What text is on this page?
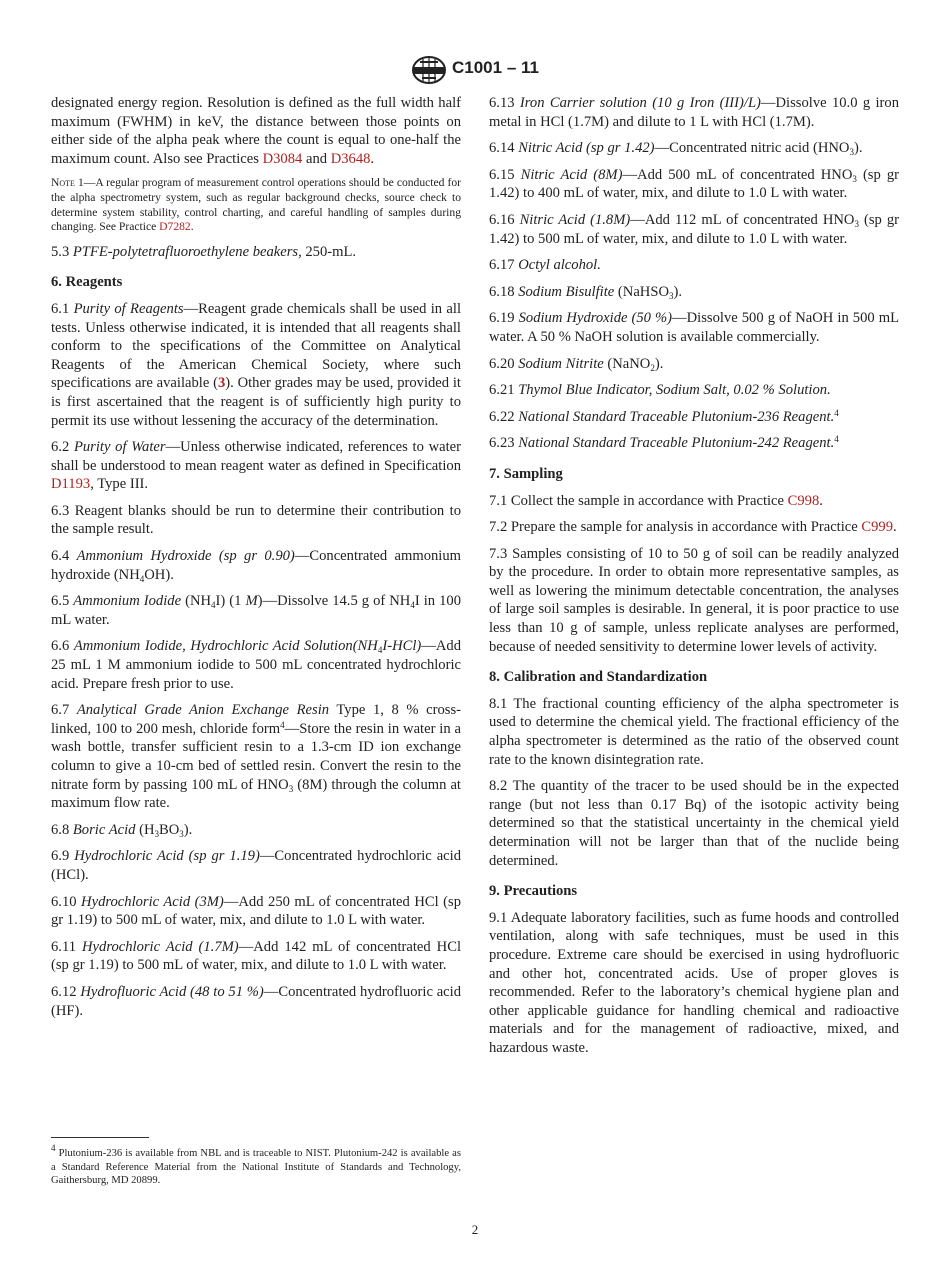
C1001 – 11

designated energy region. Resolution is defined as the full width half maximum (FWHM) in keV, the distance between those points on either side of the alpha peak where the count is equal to one-half the maximum count. Also see Practices D3084 and D3648.

Note 1—A regular program of measurement control operations should be conducted for the alpha spectrometry system, such as regular background checks, source check to determine system stability, control charting, and careful handling of samples during changing. See Practice D7282.

5.3 PTFE-polytetrafluoroethylene beakers, 250-mL.

6. Reagents

6.1 Purity of Reagents—Reagent grade chemicals shall be used in all tests. Unless otherwise indicated, it is intended that all reagents shall conform to the specifications of the Committee on Analytical Reagents of the American Chemical Society, where such specifications are available (3). Other grades may be used, provided it is first ascertained that the reagent is of sufficiently high purity to permit its use without lessening the accuracy of the determination.

6.2 Purity of Water—Unless otherwise indicated, references to water shall be understood to mean reagent water as defined in Specification D1193, Type III.

6.3 Reagent blanks should be run to determine their contribution to the sample result.

6.4 Ammonium Hydroxide (sp gr 0.90)—Concentrated ammonium hydroxide $(NH_4OH)$.

6.5 Ammonium Iodide $(NH_4I)$ (1 M)—Dissolve 14.5 g of $NH_4I$ in 100 mL water.

6.6 Ammonium Iodide, Hydrochloric Acid $Solution(NH_4I-HCl)—Add$ 25 mL 1 M ammonium iodide to 500 mL concentrated hydrochloric acid. Prepare fresh prior to use.

6.7 Analytical Grade Anion Exchange Resin Type 1, 8 % cross-linked, 100 to 200 mesh, chloride form$^4$—Store the resin in water in a wash bottle, transfer sufficient resin to a 1.3-cm ID ion exchange column to give a 10-cm bed of settled resin. Convert the resin to the nitrate form by passing 100 mL of $HNO_3$ (8M) through the column at maximum flow rate.

6.8 Boric Acid $(H_3BO_3)$.

6.9 Hydrochloric Acid (sp gr 1.19)—Concentrated hydrochloric acid (HCl).

6.10 Hydrochloric Acid (3M)—Add 250 mL of concentrated HCl (sp gr 1.19) to 500 mL of water, mix, and dilute to 1.0 L with water.

6.11 Hydrochloric Acid (1.7M)—Add 142 mL of concentrated HCl (sp gr 1.19) to 500 mL of water, mix, and dilute to 1.0 L with water.

6.12 Hydrofluoric Acid (48 to 51 %)—Concentrated hydrofluoric acid (HF).

6.13 Iron Carrier solution (10 g Iron (III)/L)—Dissolve 10.0 g iron metal in HCl (1.7M) and dilute to 1 L with HCl (1.7M).

6.14 Nitric Acid (sp gr 1.42)—Concentrated nitric acid $(HNO_3)$.

6.15 Nitric Acid (8M)—Add 500 mL of concentrated $HNO_3$ (sp gr 1.42) to 400 mL of water, mix, and dilute to 1.0 L with water.

6.16 Nitric Acid (1.8M)—Add 112 mL of concentrated $HNO_3$ (sp gr 1.42) to 500 mL of water, mix, and dilute to 1.0 L with water.

6.17 Octyl alcohol.

6.18 Sodium Bisulfite (NaHSO$_3$).

6.19 Sodium Hydroxide (50 %)—Dissolve 500 g of NaOH in 500 mL water. A 50 % NaOH solution is available commercially.

6.20 Sodium Nitrite (NaNO$_2$).

6.21 Thymol Blue Indicator, Sodium Salt, 0.02 % Solution.

6.22 National Standard Traceable Plutonium-236 Reagent.$^4$

6.23 National Standard Traceable Plutonium-242 Reagent.$^4$

7. Sampling

7.1 Collect the sample in accordance with Practice C998.

7.2 Prepare the sample for analysis in accordance with Practice C999.

7.3 Samples consisting of 10 to 50 g of soil can be readily analyzed by the procedure. In order to obtain more representative samples, as well as lowering the minimum detectable concentration, the analyses of large soil samples is desirable. In general, it is poor practice to use less than 10 g of sample, unless replicate analyses are performed, because of needed sensitivity to determine lower levels of activity.

8. Calibration and Standardization

8.1 The fractional counting efficiency of the alpha spectrometer is used to determine the chemical yield. The fractional efficiency of the alpha spectrometer is determined as the ratio of the observed count rate to the known disintegration rate.

8.2 The quantity of the tracer to be used should be in the expected range (but not less than 0.17 Bq) of the isotopic activity being determined so that the statistical uncertainty in the chemical yield determination will not be larger than that of the nuclide being determined.

9. Precautions

9.1 Adequate laboratory facilities, such as fume hoods and controlled ventilation, along with safe techniques, must be used in this procedure. Extreme care should be exercised in using hydrofluoric and other hot, concentrated acids. Use of proper gloves is recommended. Refer to the laboratory’s chemical hygiene plan and other applicable guidance for handling chemical and radioactive materials and for the management of radioactive, mixed, and hazardous waste.

$^4$ Plutonium-236 is available from NBL and is traceable to NIST. Plutonium-242 is available as a Standard Reference Material from the National Institute of Standards and Technology, Gaithersburg, MD 20899.
2
